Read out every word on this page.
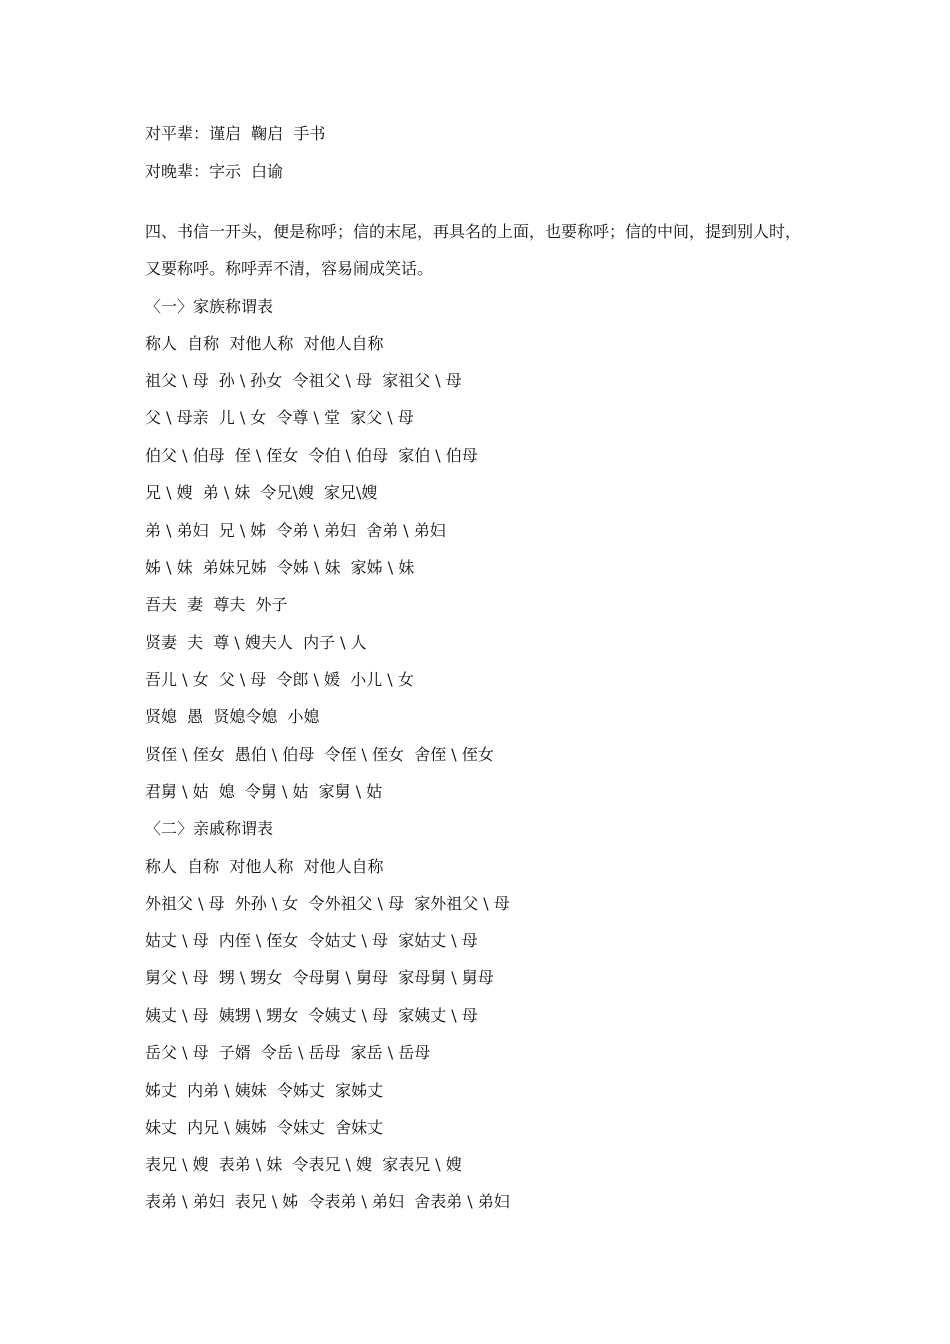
对平辈：谨启  鞠启  手书
对晚辈：字示  白谕
四、书信一开头，便是称呼；信的末尾，再具名的上面，也要称呼；信的中间，提到别人时，
又要称呼。称呼弄不清，容易闹成笑话。
〈一〉家族称谓表
称人  自称  对他人称  对他人自称
祖父 \ 母  孙 \ 孙女  令祖父 \ 母  家祖父 \ 母
父 \ 母亲  儿 \ 女  令尊 \ 堂  家父 \ 母
伯父 \ 伯母  侄 \ 侄女  令伯 \ 伯母  家伯 \ 伯母
兄 \ 嫂  弟 \ 妹  令兄\嫂  家兄\嫂
弟 \ 弟妇  兄 \ 姊  令弟 \ 弟妇  舍弟 \ 弟妇
姊 \ 妹  弟妹兄姊  令姊 \ 妹  家姊 \ 妹
吾夫  妻  尊夫  外子
贤妻  夫  尊 \ 嫂夫人  内子 \ 人
吾儿 \ 女  父 \ 母  令郎 \ 媛  小儿 \ 女
贤媳  愚  贤媳令媳  小媳
贤侄 \ 侄女  愚伯 \ 伯母  令侄 \ 侄女  舍侄 \ 侄女
君舅 \ 姑  媳  令舅 \ 姑  家舅 \ 姑
〈二〉亲戚称谓表
称人  自称  对他人称  对他人自称
外祖父 \ 母  外孙 \ 女  令外祖父 \ 母  家外祖父 \ 母
姑丈 \ 母  内侄 \ 侄女  令姑丈 \ 母  家姑丈 \ 母
舅父 \ 母  甥 \ 甥女  令母舅 \ 舅母  家母舅 \ 舅母
姨丈 \ 母  姨甥 \ 甥女  令姨丈 \ 母  家姨丈 \ 母
岳父 \ 母  子婿  令岳 \ 岳母  家岳 \ 岳母
姊丈  内弟 \ 姨妹  令姊丈  家姊丈
妹丈  内兄 \ 姨姊  令妹丈  舍妹丈
表兄 \ 嫂  表弟 \ 妹  令表兄 \ 嫂  家表兄 \ 嫂
表弟 \ 弟妇  表兄 \ 姊  令表弟 \ 弟妇  舍表弟 \ 弟妇
